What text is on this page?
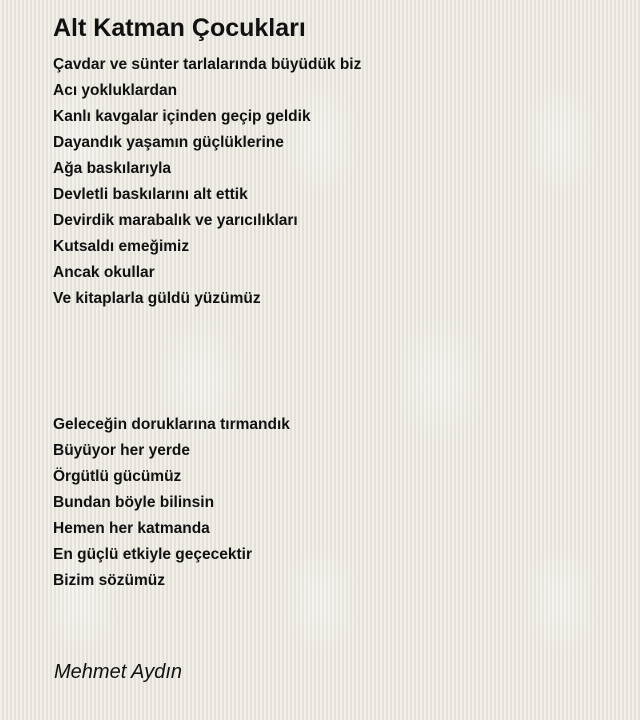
Alt Katman Çocukları
Çavdar ve sünter tarlalarında büyüdük biz
Acı yokluklardan
Kanlı kavgalar içinden geçip geldik
Dayandık yaşamın güçlüklerine
Ağa baskılarıyla
Devletli baskılarını alt ettik
Devirdik marabalık ve yarıcılıkları
Kutsaldı emeğimiz
Ancak okullar
Ve kitaplarla güldü yüzümüz
Geleceğin doruklarına tırmandık
Büyüyor her yerde
Örgütlü gücümüz
Bundan böyle bilinsin
Hemen her katmanda
En güçlü etkiyle geçecektir
Bizim sözümüz

Mehmet Aydın
